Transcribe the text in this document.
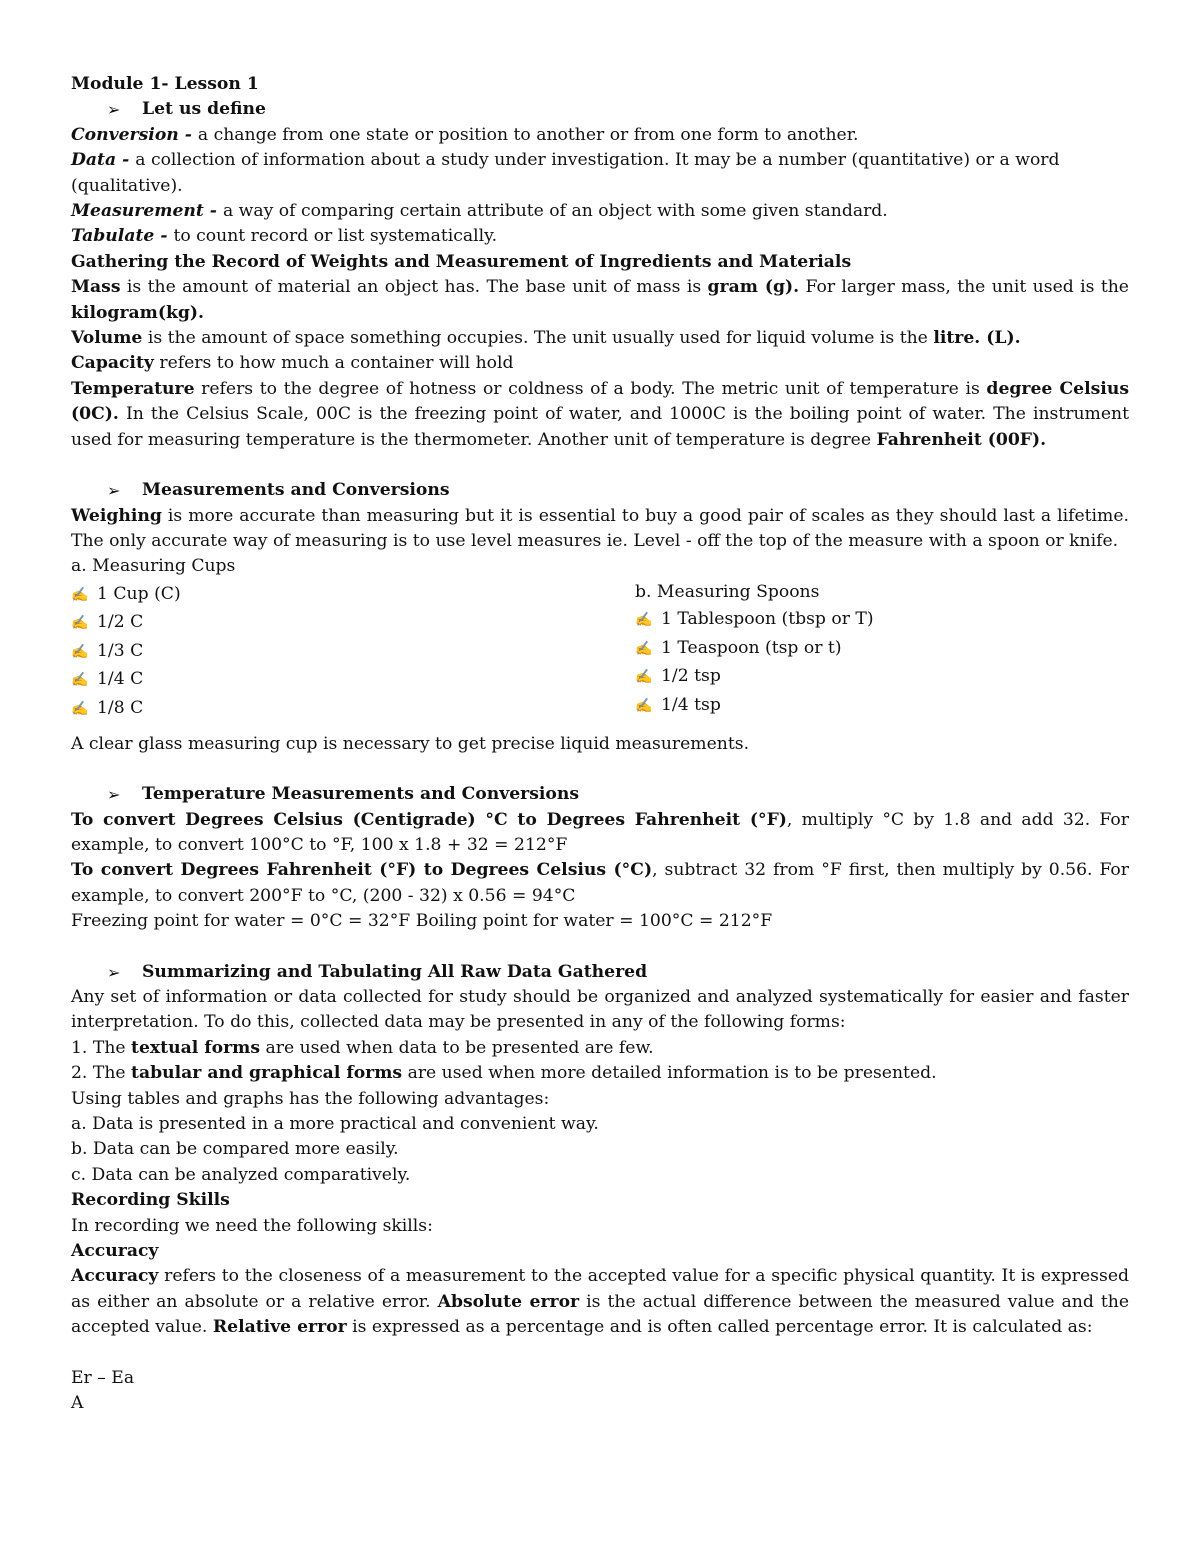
Module 1- Lesson 1

➢ Let us define

Conversion - a change from one state or position to another or from one form to another.

Data - a collection of information about a study under investigation. It may be a number (quantitative) or a word (qualitative).

Measurement - a way of comparing certain attribute of an object with some given standard.

Tabulate - to count record or list systematically.

Gathering the Record of Weights and Measurement of Ingredients and Materials

Mass is the amount of material an object has. The base unit of mass is gram (g). For larger mass, the unit used is the kilogram(kg).

Volume is the amount of space something occupies. The unit usually used for liquid volume is the litre. (L).

Capacity refers to how much a container will hold

Temperature refers to the degree of hotness or coldness of a body. The metric unit of temperature is degree Celsius (0C). In the Celsius Scale, 00C is the freezing point of water, and 1000C is the boiling point of water. The instrument used for measuring temperature is the thermometer. Another unit of temperature is degree Fahrenheit (00F).

➢ Measurements and Conversions

Weighing is more accurate than measuring but it is essential to buy a good pair of scales as they should last a lifetime. The only accurate way of measuring is to use level measures ie. Level - off the top of the measure with a spoon or knife.

a. Measuring Cups

✍ 1 Cup (C)
✍ 1/2 C
✍ 1/3 C
✍ 1/4 C
✍ 1/8 C
b. Measuring Spoons
✍ 1 Tablespoon (tbsp or T)
✍ 1 Teaspoon (tsp or t)
✍ 1/2 tsp
✍ 1/4 tsp

A clear glass measuring cup is necessary to get precise liquid measurements.

➢ Temperature Measurements and Conversions

To convert Degrees Celsius (Centigrade) °C to Degrees Fahrenheit (°F), multiply °C by 1.8 and add 32. For example, to convert 100°C to °F, 100 x 1.8 + 32 = 212°F

To convert Degrees Fahrenheit (°F) to Degrees Celsius (°C), subtract 32 from °F first, then multiply by 0.56. For example, to convert 200°F to °C, (200 - 32) x 0.56 = 94°C

Freezing point for water = 0°C = 32°F Boiling point for water = 100°C = 212°F

➢ Summarizing and Tabulating All Raw Data Gathered

Any set of information or data collected for study should be organized and analyzed systematically for easier and faster interpretation. To do this, collected data may be presented in any of the following forms:

1. The textual forms are used when data to be presented are few.

2. The tabular and graphical forms are used when more detailed information is to be presented.

Using tables and graphs has the following advantages:

a. Data is presented in a more practical and convenient way.

b. Data can be compared more easily.

c. Data can be analyzed comparatively.

Recording Skills

In recording we need the following skills:

Accuracy

Accuracy refers to the closeness of a measurement to the accepted value for a specific physical quantity. It is expressed as either an absolute or a relative error. Absolute error is the actual difference between the measured value and the accepted value. Relative error is expressed as a percentage and is often called percentage error. It is calculated as:

Er – Ea

A
